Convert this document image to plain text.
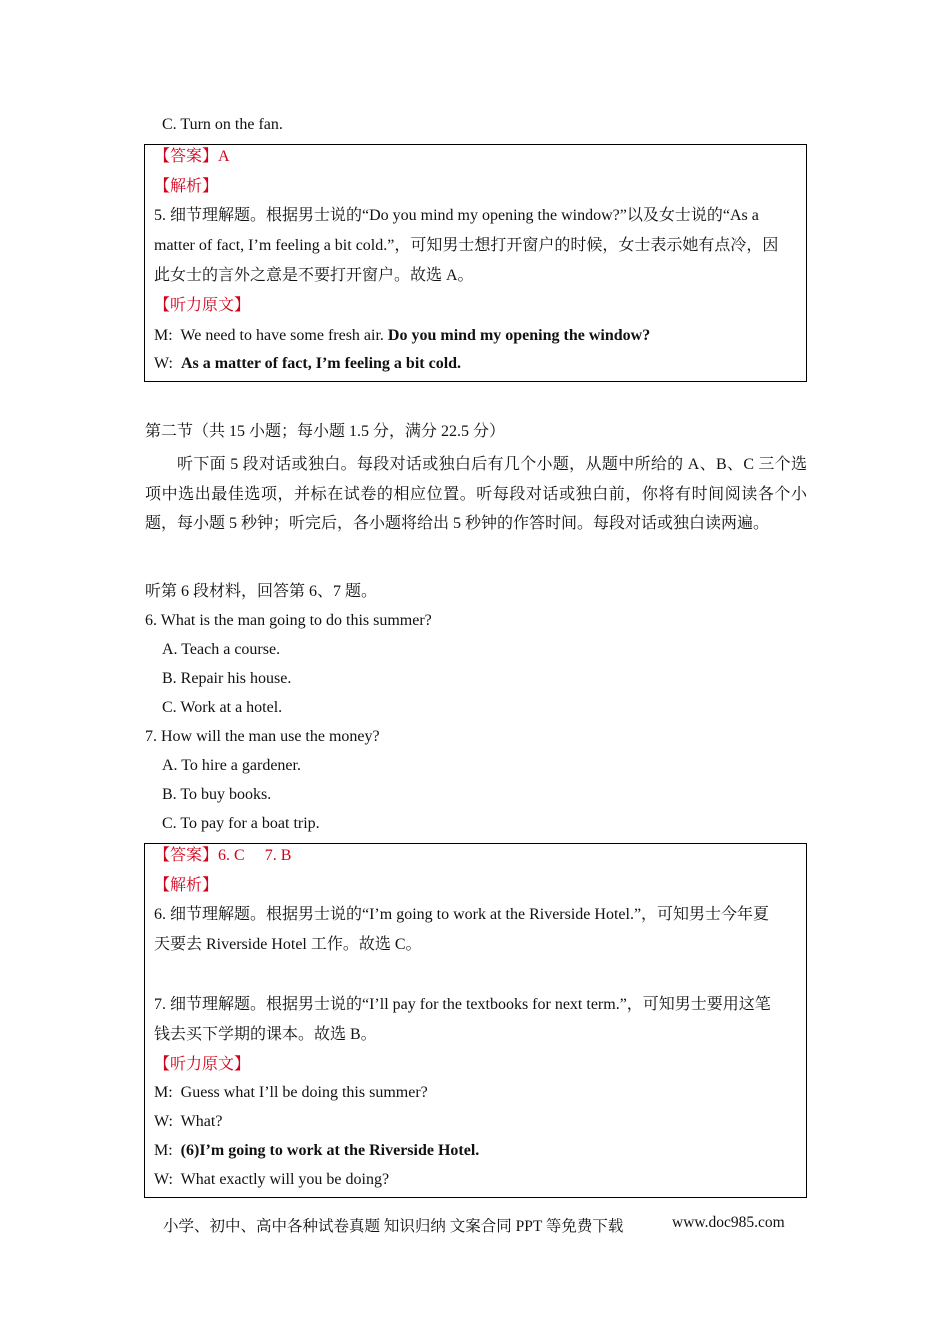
C. Turn on the fan.
【答案】A
【解析】
5. 细节理解题。根据男士说的“Do you mind my opening the window?”以及女士说的“As a
matter of fact, I’m feeling a bit cold.”，可知男士想打开窗户的时候，女士表示她有点冷，因
此女士的言外之意是不要打开窗户。故选 A。
【听力原文】
M: We need to have some fresh air. Do you mind my opening the window?
W: As a matter of fact, I’m feeling a bit cold.
第二节（共 15 小题；每小题 1.5 分，满分 22.5 分）
听下面 5 段对话或独白。每段对话或独白后有几个小题，从题中所给的 A、B、C 三个选项中选出最佳选项，并标在试卷的相应位置。听每段对话或独白前，你将有时间阅读各个小题，每小题 5 秒钟；听完后，各小题将给出 5 秒钟的作答时间。每段对话或独白读两遍。
听第 6 段材料，回答第 6、7 题。
6. What is the man going to do this summer?
A. Teach a course.
B. Repair his house.
C. Work at a hotel.
7. How will the man use the money?
A. To hire a gardener.
B. To buy books.
C. To pay for a boat trip.
【答案】6. C     7. B
【解析】
6. 细节理解题。根据男士说的“I’m going to work at the Riverside Hotel.”，可知男士今年夏
天要去 Riverside Hotel 工作。故选 C。
7. 细节理解题。根据男士说的“I’ll pay for the textbooks for next term.”，可知男士要用这笔
钱去买下学期的课本。故选 B。
【听力原文】
M: Guess what I’ll be doing this summer?
W: What?
M: (6)I’m going to work at the Riverside Hotel.
W: What exactly will you be doing?
小学、初中、高中各种试卷真题 知识归纳 文案合同 PPT 等免费下载	www.doc985.com
